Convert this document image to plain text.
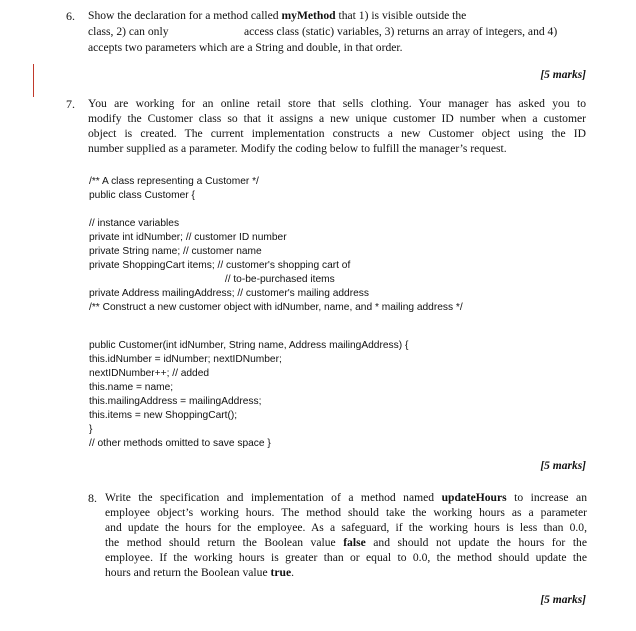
6. Show the declaration for a method called myMethod that 1) is visible outside the
class, 2) can only	access class (static) variables, 3) returns an array of integers, and 4)
accepts two parameters which are a String and double, in that order.
[5 marks]
7. You are working for an online retail store that sells clothing. Your manager has asked you to
modify the Customer class so that it assigns a new unique customer ID number when a customer
object is created. The current implementation constructs a new Customer object using the ID
number supplied as a parameter. Modify the coding below to fulfill the manager’s request.
/** A class representing a Customer */
public class Customer {
// instance variables
private int idNumber; // customer ID number
private String name; // customer name
private ShoppingCart items; // customer's shopping cart of
// to-be-purchased items
private Address mailingAddress; // customer's mailing address
/** Construct a new customer object with idNumber, name, and * mailing address */
public Customer(int idNumber, String name, Address mailingAddress) {
this.idNumber = idNumber; nextIDNumber;
nextIDNumber++; // added
this.name = name;
this.mailingAddress = mailingAddress;
this.items = new ShoppingCart();
}
// other methods omitted to save space }
[5 marks]
8. Write the specification and implementation of a method named updateHours to increase an
employee object’s working hours. The method should take the working hours as a parameter
and update the hours for the employee. As a safeguard, if the working hours is less than 0.0,
the method should return the Boolean value false and should not update the hours for the
employee. If the working hours is greater than or equal to 0.0, the method should update the
hours and return the Boolean value true.
[5 marks]
